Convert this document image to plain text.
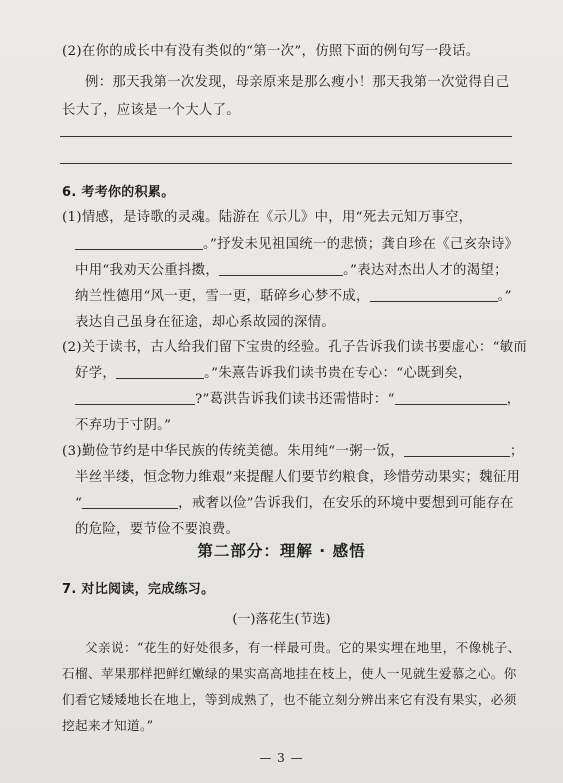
(2)在你的成长中有没有类似的“第一次”，仿照下面的例句写一段话。
例：那天我第一次发现，母亲原来是那么瘦小！那天我第一次觉得自己
长大了，应该是一个大人了。
6. 考考你的积累。
(1)情感，是诗歌的灵魂。陆游在《示儿》中，用“死去元知万事空，
。”抒发未见祖国统一的悲愤；龚自珍在《己亥杂诗》
中用“我劝天公重抖擞，	。”表达对杰出人才的渴望；
纳兰性德用“风一更，雪一更，聒碎乡心梦不成，	。”
表达自己虽身在征途，却心系故园的深情。
(2)关于读书，古人给我们留下宝贵的经验。孔子告诉我们读书要虚心：“敏而
好学，	。”朱熹告诉我们读书贵在专心：“心既到矣，
?”葛洪告诉我们读书还需惜时：“	，
不弃功于寸阴。”
(3)勤俭节约是中华民族的传统美德。朱用纯“一粥一饭，	；
半丝半缕，恒念物力维艰”来提醒人们要节约粮食，珍惜劳动果实；魏征用
“	，戒奢以俭”告诉我们，在安乐的环境中要想到可能存在
的危险，要节俭不要浪费。
第二部分：理解 · 感悟
7. 对比阅读，完成练习。
(一)落花生(节选)
父亲说：“花生的好处很多，有一样最可贵。它的果实埋在地里，不像桃子、
石榴、苹果那样把鲜红嫩绿的果实高高地挂在枝上，使人一见就生爱慕之心。你
们看它矮矮地长在地上，等到成熟了，也不能立刻分辨出来它有没有果实，必须
挖起来才知道。”
— 3 —
